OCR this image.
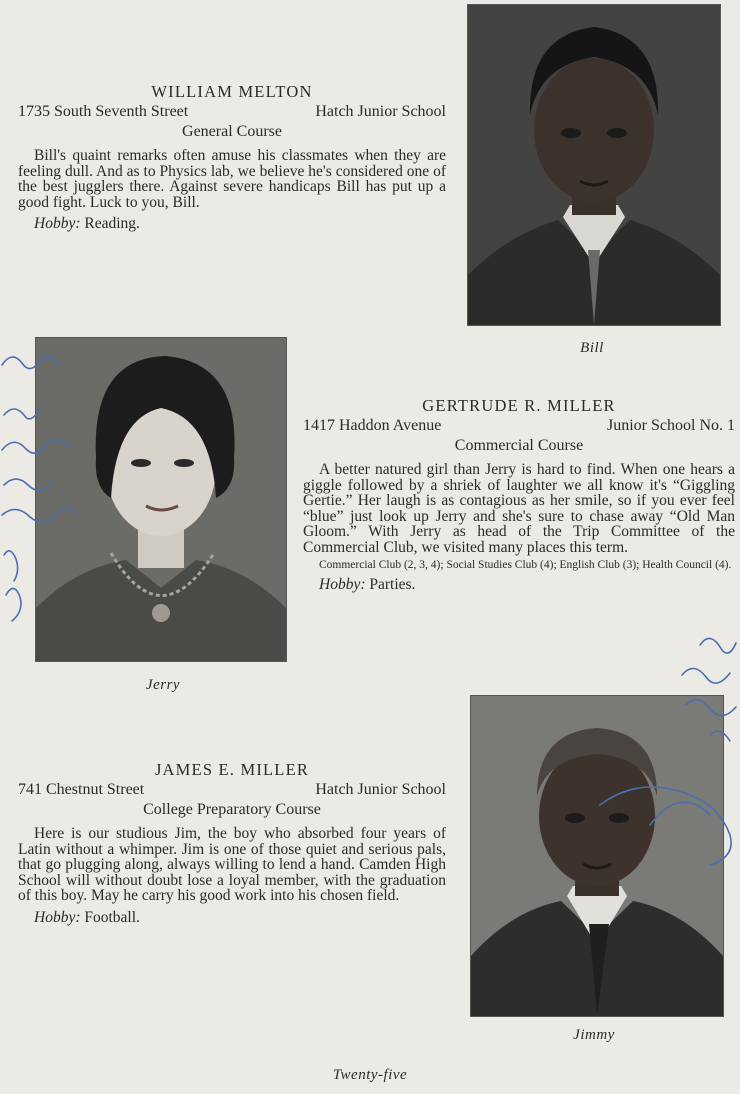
WILLIAM MELTON

1735 South Seventh Street	Hatch Junior School
General Course

Bill's quaint remarks often amuse his classmates when they are feeling dull. And as to Physics lab, we believe he's considered one of the best jugglers there. Against severe handicaps Bill has put up a good fight. Luck to you, Bill.

Hobby: Reading.
Bill
Jerry

GERTRUDE R. MILLER

1417 Haddon Avenue	Junior School No. 1
Commercial Course

A better natured girl than Jerry is hard to find. When one hears a giggle followed by a shriek of laughter we all know it's “Giggling Gertie.” Her laugh is as contagious as her smile, so if you ever feel “blue” just look up Jerry and she's sure to chase away “Old Man Gloom.” With Jerry as head of the Trip Committee of the Commercial Club, we visited many places this term.

Commercial Club (2, 3, 4); Social Studies Club (4); English Club (3); Health Council (4).

Hobby: Parties.

JAMES E. MILLER

741 Chestnut Street	Hatch Junior School
College Preparatory Course

Here is our studious Jim, the boy who absorbed four years of Latin without a whimper. Jim is one of those quiet and serious pals, that go plugging along, always willing to lend a hand. Camden High School will without doubt lose a loyal member, with the graduation of this boy. May he carry his good work into his chosen field.

Hobby: Football.
Jimmy
Twenty-five
